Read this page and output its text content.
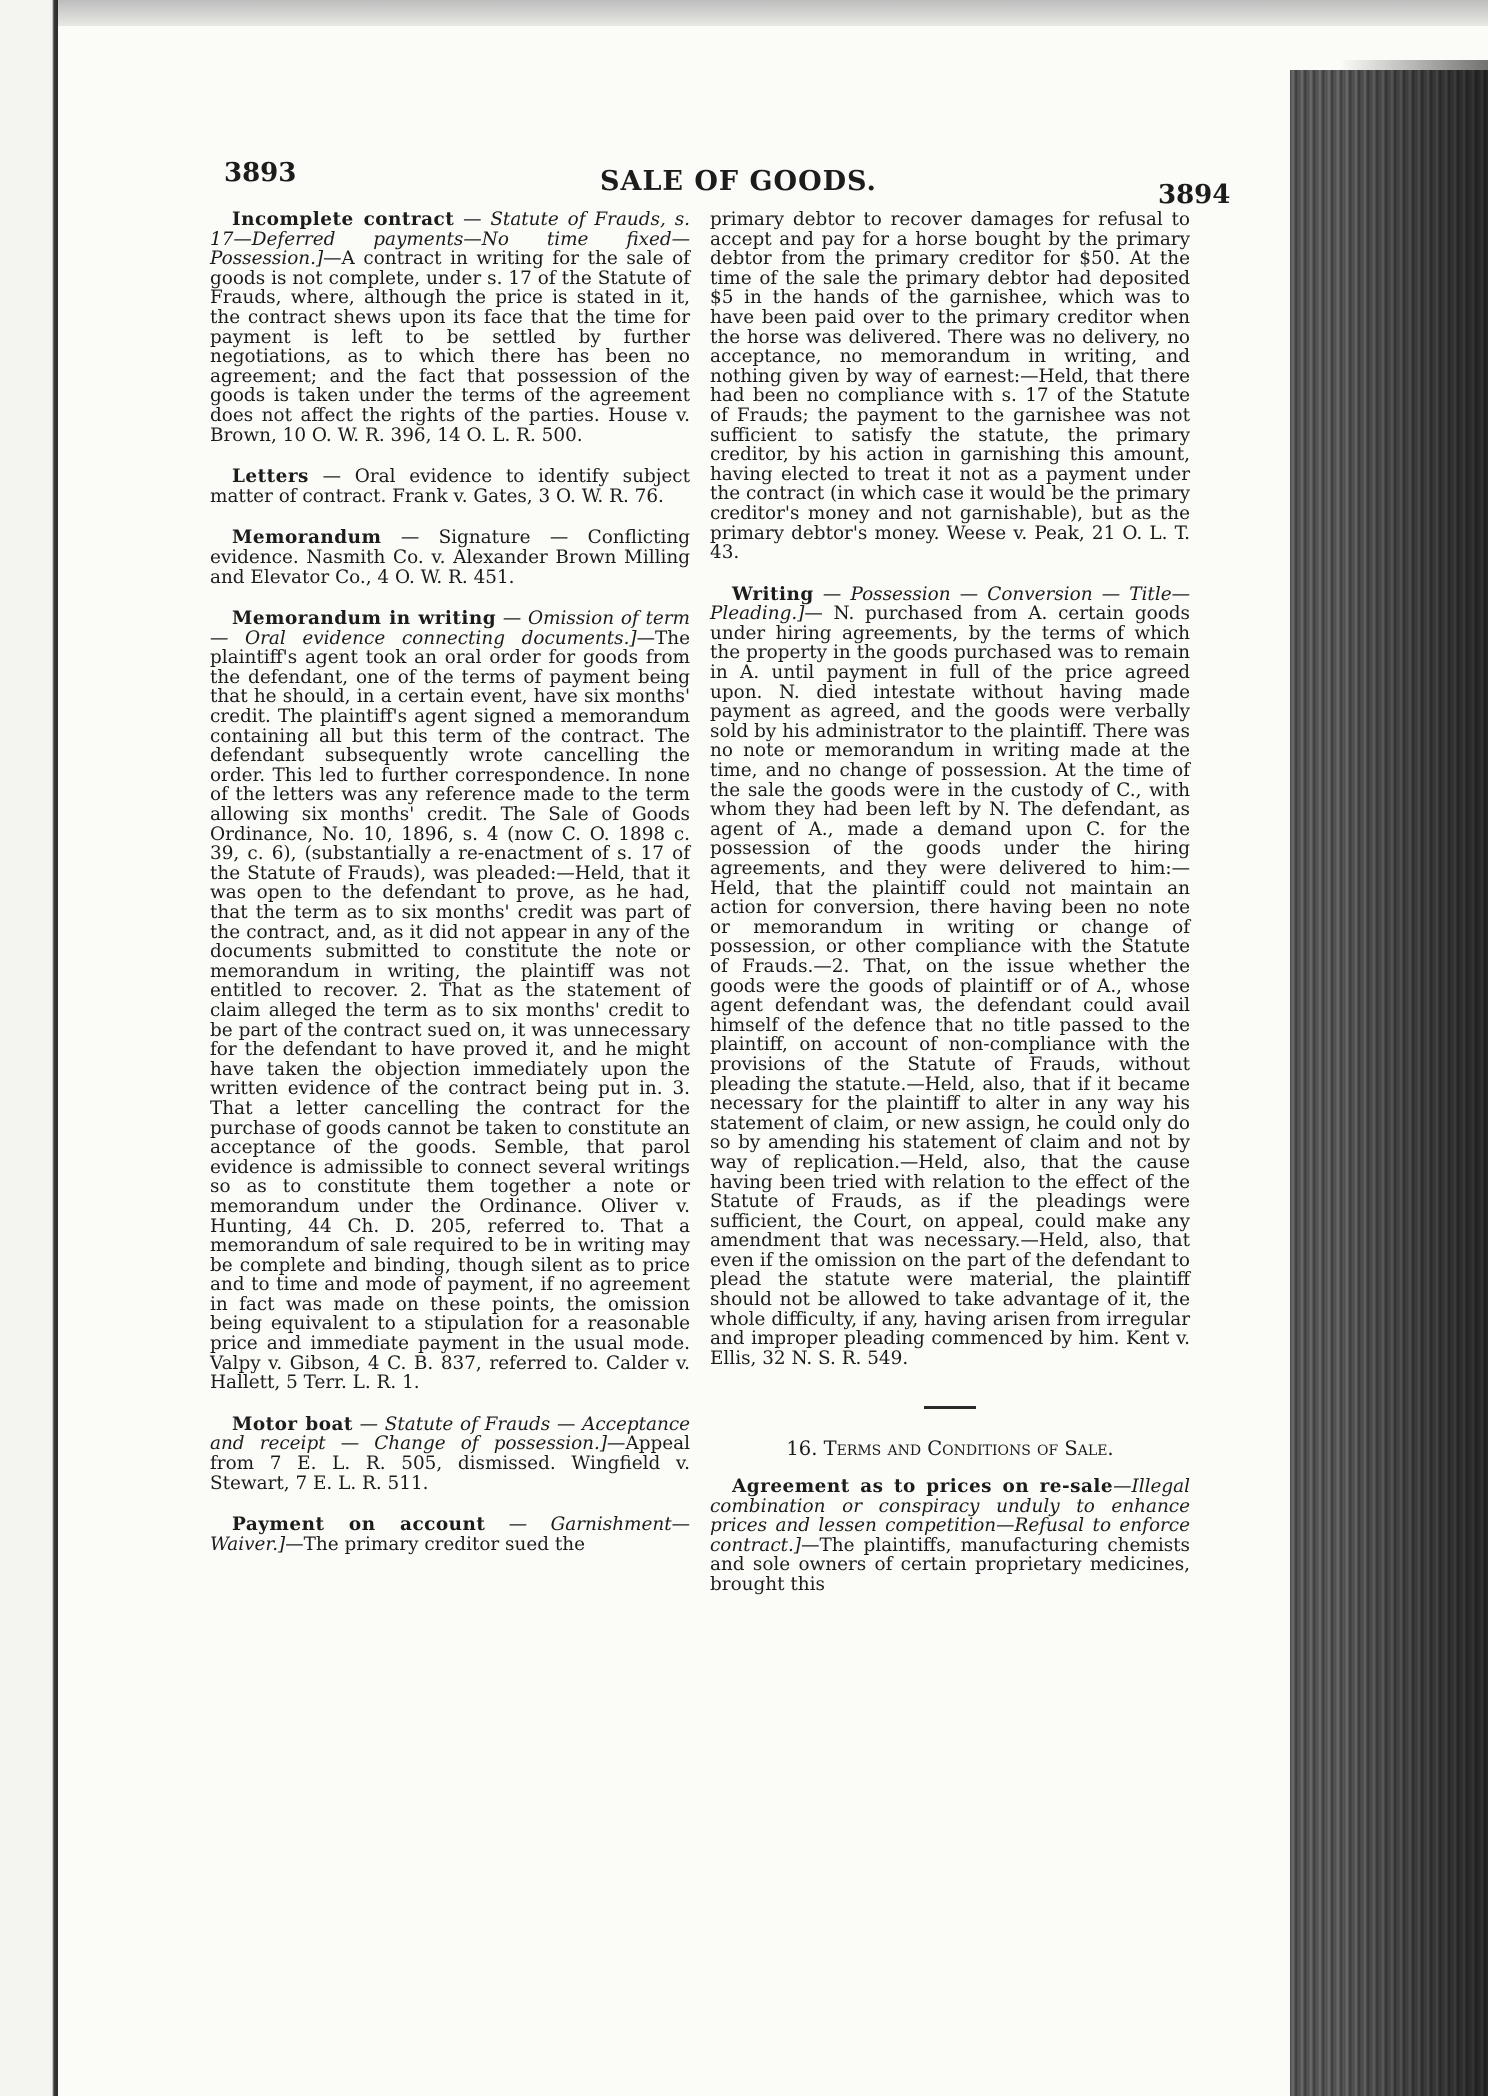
3893	SALE OF GOODS.	3894

Incomplete contract — Statute of Frauds, s. 17—Deferred payments—No time fixed—Possession.]—A contract in writing for the sale of goods is not complete, under s. 17 of the Statute of Frauds, where, although the price is stated in it, the contract shews upon its face that the time for payment is left to be settled by further negotiations, as to which there has been no agreement; and the fact that possession of the goods is taken under the terms of the agreement does not affect the rights of the parties. House v. Brown, 10 O. W. R. 396, 14 O. L. R. 500.

Letters — Oral evidence to identify subject matter of contract. Frank v. Gates, 3 O. W. R. 76.

Memorandum — Signature — Conflicting evidence. Nasmith Co. v. Alexander Brown Milling and Elevator Co., 4 O. W. R. 451.

Memorandum in writing — Omission of term — Oral evidence connecting documents.]—The plaintiff's agent took an oral order for goods from the defendant, one of the terms of payment being that he should, in a certain event, have six months' credit. The plaintiff's agent signed a memorandum containing all but this term of the contract. The defendant subsequently wrote cancelling the order. This led to further correspondence. In none of the letters was any reference made to the term allowing six months' credit. The Sale of Goods Ordinance, No. 10, 1896, s. 4 (now C. O. 1898 c. 39, c. 6), (substantially a re-enactment of s. 17 of the Statute of Frauds), was pleaded:—Held, that it was open to the defendant to prove, as he had, that the term as to six months' credit was part of the contract, and, as it did not appear in any of the documents submitted to constitute the note or memorandum in writing, the plaintiff was not entitled to recover. 2. That as the statement of claim alleged the term as to six months' credit to be part of the contract sued on, it was unnecessary for the defendant to have proved it, and he might have taken the objection immediately upon the written evidence of the contract being put in. 3. That a letter cancelling the contract for the purchase of goods cannot be taken to constitute an acceptance of the goods. Semble, that parol evidence is admissible to connect several writings so as to constitute them together a note or memorandum under the Ordinance. Oliver v. Hunting, 44 Ch. D. 205, referred to. That a memorandum of sale required to be in writing may be complete and binding, though silent as to price and to time and mode of payment, if no agreement in fact was made on these points, the omission being equivalent to a stipulation for a reasonable price and immediate payment in the usual mode. Valpy v. Gibson, 4 C. B. 837, referred to. Calder v. Hallett, 5 Terr. L. R. 1.

Motor boat — Statute of Frauds — Acceptance and receipt — Change of possession.]—Appeal from 7 E. L. R. 505, dismissed. Wingfield v. Stewart, 7 E. L. R. 511.

Payment on account — Garnishment—Waiver.]—The primary creditor sued the

primary debtor to recover damages for refusal to accept and pay for a horse bought by the primary debtor from the primary creditor for $50. At the time of the sale the primary debtor had deposited $5 in the hands of the garnishee, which was to have been paid over to the primary creditor when the horse was delivered. There was no delivery, no acceptance, no memorandum in writing, and nothing given by way of earnest:—Held, that there had been no compliance with s. 17 of the Statute of Frauds; the payment to the garnishee was not sufficient to satisfy the statute, the primary creditor, by his action in garnishing this amount, having elected to treat it not as a payment under the contract (in which case it would be the primary creditor's money and not garnishable), but as the primary debtor's money. Weese v. Peak, 21 O. L. T. 43.

Writing — Possession — Conversion — Title—Pleading.]— N. purchased from A. certain goods under hiring agreements, by the terms of which the property in the goods purchased was to remain in A. until payment in full of the price agreed upon. N. died intestate without having made payment as agreed, and the goods were verbally sold by his administrator to the plaintiff. There was no note or memorandum in writing made at the time, and no change of possession. At the time of the sale the goods were in the custody of C., with whom they had been left by N. The defendant, as agent of A., made a demand upon C. for the possession of the goods under the hiring agreements, and they were delivered to him:—Held, that the plaintiff could not maintain an action for conversion, there having been no note or memorandum in writing or change of possession, or other compliance with the Statute of Frauds.—2. That, on the issue whether the goods were the goods of plaintiff or of A., whose agent defendant was, the defendant could avail himself of the defence that no title passed to the plaintiff, on account of non-compliance with the provisions of the Statute of Frauds, without pleading the statute.—Held, also, that if it became necessary for the plaintiff to alter in any way his statement of claim, or new assign, he could only do so by amending his statement of claim and not by way of replication.—Held, also, that the cause having been tried with relation to the effect of the Statute of Frauds, as if the pleadings were sufficient, the Court, on appeal, could make any amendment that was necessary.—Held, also, that even if the omission on the part of the defendant to plead the statute were material, the plaintiff should not be allowed to take advantage of it, the whole difficulty, if any, having arisen from irregular and improper pleading commenced by him. Kent v. Ellis, 32 N. S. R. 549.

16. Terms and Conditions of Sale.

Agreement as to prices on re-sale—Illegal combination or conspiracy unduly to enhance prices and lessen competition—Refusal to enforce contract.]—The plaintiffs, manufacturing chemists and sole owners of certain proprietary medicines, brought this
